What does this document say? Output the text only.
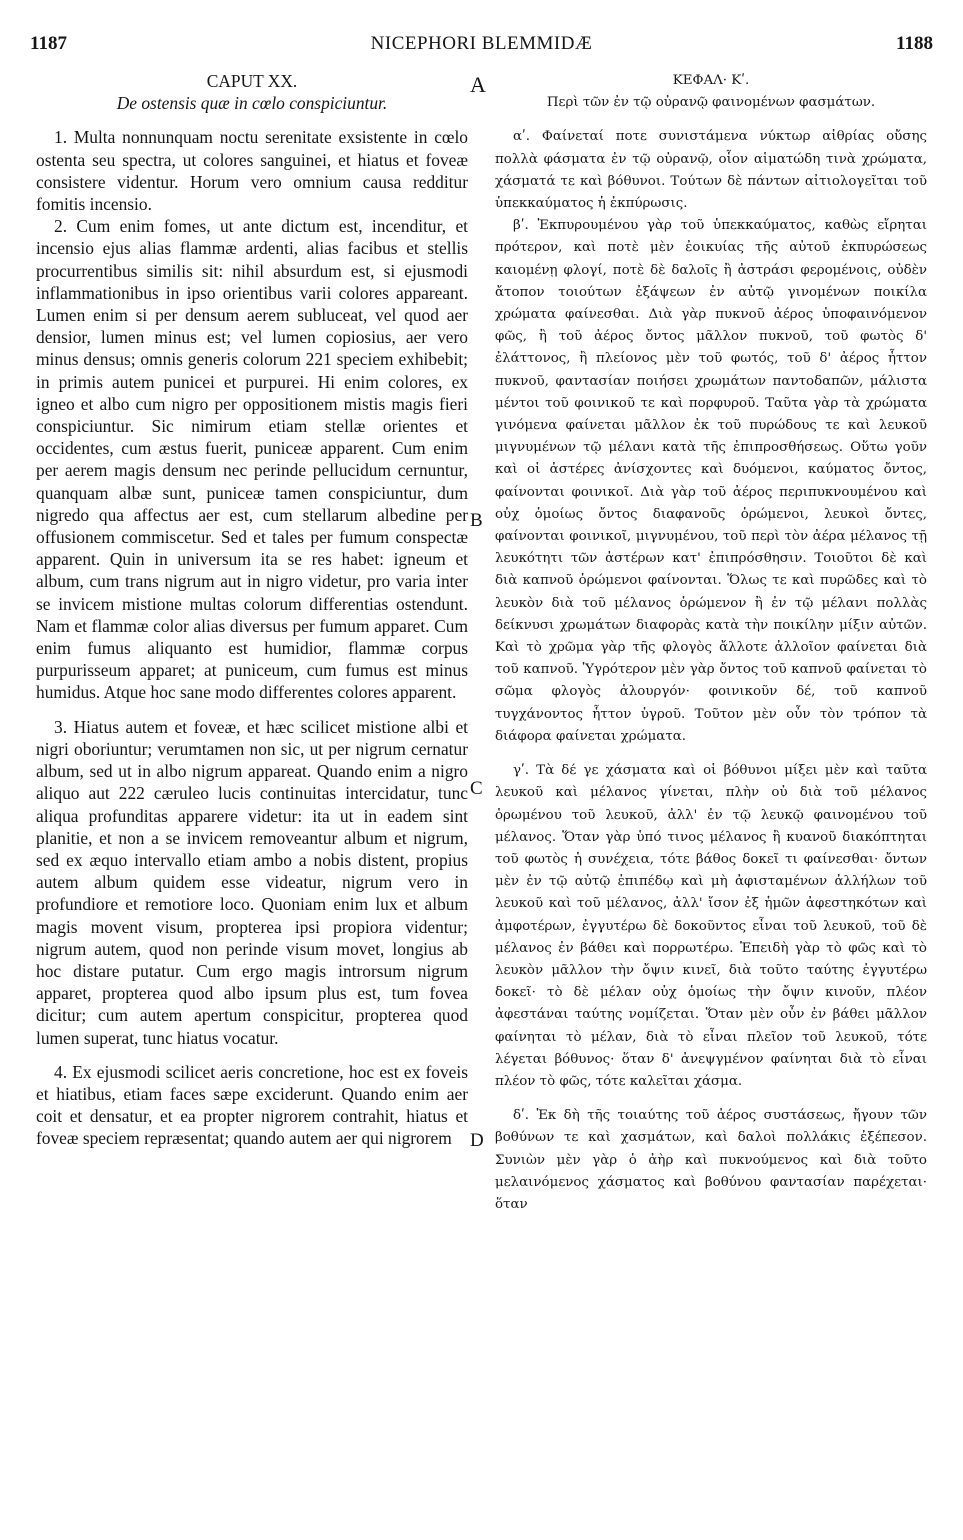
1187	NICEPHORI BLEMMIDÆ	1188
A
B
C
D

CAPUT XX.

De ostensis quæ in cœlo conspiciuntur.

1. Multa nonnunquam noctu serenitate exsistente in cœlo ostenta seu spectra, ut colores sanguinei, et hiatus et foveæ consistere videntur. Horum vero omnium causa redditur fomitis incensio.

2. Cum enim fomes, ut ante dictum est, incenditur, et incensio ejus alias flammæ ardenti, alias facibus et stellis procurrentibus similis sit: nihil absurdum est, si ejusmodi inflammationibus in ipso orientibus varii colores appareant. Lumen enim si per densum aerem subluceat, vel quod aer densior, lumen minus est; vel lumen copiosius, aer vero minus densus; omnis generis colorum 221 speciem exhibebit; in primis autem punicei et purpurei. Hi enim colores, ex igneo et albo cum nigro per oppositionem mistis magis fieri conspiciuntur. Sic nimirum etiam stellæ orientes et occidentes, cum æstus fuerit, puniceæ apparent. Cum enim per aerem magis densum nec perinde pellucidum cernuntur, quanquam albæ sunt, puniceæ tamen conspiciuntur, dum nigredo qua affectus aer est, cum stellarum albedine per offusionem commiscetur. Sed et tales per fumum conspectæ apparent. Quin in universum ita se res habet: igneum et album, cum trans nigrum aut in nigro videtur, pro varia inter se invicem mistione multas colorum differentias ostendunt. Nam et flammæ color alias diversus per fumum apparet. Cum enim fumus aliquanto est humidior, flammæ corpus purpurisseum apparet; at puniceum, cum fumus est minus humidus. Atque hoc sane modo differentes colores apparent.

3. Hiatus autem et foveæ, et hæc scilicet mistione albi et nigri oboriuntur; verumtamen non sic, ut per nigrum cernatur album, sed ut in albo nigrum appareat. Quando enim a nigro aliquo aut 222 cæruleo lucis continuitas intercidatur, tunc aliqua profunditas apparere videtur: ita ut in eadem sint planitie, et non a se invicem removeantur album et nigrum, sed ex æquo intervallo etiam ambo a nobis distent, propius autem album quidem esse videatur, nigrum vero in profundiore et remotiore loco. Quoniam enim lux et album magis movent visum, propterea ipsi propiora videntur; nigrum autem, quod non perinde visum movet, longius ab hoc distare putatur. Cum ergo magis introrsum nigrum apparet, propterea quod albo ipsum plus est, tum fovea dicitur; cum autem apertum conspicitur, propterea quod lumen superat, tunc hiatus vocatur.

4. Ex ejusmodi scilicet aeris concretione, hoc est ex foveis et hiatibus, etiam faces sæpe exciderunt. Quando enim aer coit et densatur, et ea propter nigrorem contrahit, hiatus et foveæ speciem repræsentat; quando autem aer qui nigrorem

ΚΕΦΑΛ· Κʹ.

Περὶ τῶν ἐν τῷ οὐρανῷ φαινομένων φασμάτων.

αʹ. Φαίνεταί ποτε συνιστάμενα νύκτωρ αἰθρίας οὔσης πολλὰ φάσματα ἐν τῷ οὐρανῷ, οἷον αἱματώδη τινὰ χρώματα, χάσματά τε καὶ βόθυνοι. Τούτων δὲ πάντων αἰτιολογεῖται τοῦ ὑπεκκαύματος ἡ ἐκπύρωσις.

βʹ. Ἐκπυρουμένου γὰρ τοῦ ὑπεκκαύματος, καθὼς εἴρηται πρότερον, καὶ ποτὲ μὲν ἐοικυίας τῆς αὐτοῦ ἐκπυρώσεως καιομένῃ φλογί, ποτὲ δὲ δαλοῖς ἢ ἀστράσι φερομένοις, οὐδὲν ἄτοπον τοιούτων ἐξάψεων ἐν αὐτῷ γινομένων ποικίλα χρώματα φαίνεσθαι. Διὰ γὰρ πυκνοῦ ἀέρος ὑποφαινόμενον φῶς, ἢ τοῦ ἀέρος ὄντος μᾶλλον πυκνοῦ, τοῦ φωτὸς δ' ἐλάττονος, ἢ πλείονος μὲν τοῦ φωτός, τοῦ δ' ἀέρος ἧττον πυκνοῦ, φαντασίαν ποιήσει χρωμάτων παντοδαπῶν, μάλιστα μέντοι τοῦ φοινικοῦ τε καὶ πορφυροῦ. Ταῦτα γὰρ τὰ χρώματα γινόμενα φαίνεται μᾶλλον ἐκ τοῦ πυρώδους τε καὶ λευκοῦ μιγνυμένων τῷ μέλανι κατὰ τῆς ἐπιπροσθήσεως. Οὕτω γοῦν καὶ οἱ ἀστέρες ἀνίσχοντες καὶ δυόμενοι, καύματος ὄντος, φαίνονται φοινικοῖ. Διὰ γὰρ τοῦ ἀέρος περιπυκνουμένου καὶ οὐχ ὁμοίως ὄντος διαφανοῦς ὁρώμενοι, λευκοὶ ὄντες, φαίνονται φοινικοῖ, μιγνυμένου, τοῦ περὶ τὸν ἀέρα μέλανος τῇ λευκότητι τῶν ἀστέρων κατ' ἐπιπρόσθησιν. Τοιοῦτοι δὲ καὶ διὰ καπνοῦ ὁρώμενοι φαίνονται. Ὅλως τε καὶ πυρῶδες καὶ τὸ λευκὸν διὰ τοῦ μέλανος ὁρώμενον ἢ ἐν τῷ μέλανι πολλὰς δείκνυσι χρωμάτων διαφορὰς κατὰ τὴν ποικίλην μίξιν αὐτῶν. Καὶ τὸ χρῶμα γὰρ τῆς φλογὸς ἄλλοτε ἀλλοῖον φαίνεται διὰ τοῦ καπνοῦ. Ὑγρότερον μὲν γὰρ ὄντος τοῦ καπνοῦ φαίνεται τὸ σῶμα φλογὸς ἁλουργόν· φοινικοῦν δέ, τοῦ καπνοῦ τυγχάνοντος ἧττον ὑγροῦ. Τοῦτον μὲν οὖν τὸν τρόπον τὰ διάφορα φαίνεται χρώματα.

γʹ. Τὰ δέ γε χάσματα καὶ οἱ βόθυνοι μίξει μὲν καὶ ταῦτα λευκοῦ καὶ μέλανος γίνεται, πλὴν οὐ διὰ τοῦ μέλανος ὁρωμένου τοῦ λευκοῦ, ἀλλ' ἐν τῷ λευκῷ φαινομένου τοῦ μέλανος. Ὅταν γὰρ ὑπό τινος μέλανος ἢ κυανοῦ διακόπτηται τοῦ φωτὸς ἡ συνέχεια, τότε βάθος δοκεῖ τι φαίνεσθαι· ὄντων μὲν ἐν τῷ αὐτῷ ἐπιπέδῳ καὶ μὴ ἀφισταμένων ἀλλήλων τοῦ λευκοῦ καὶ τοῦ μέλανος, ἀλλ' ἴσον ἐξ ἡμῶν ἀφεστηκότων καὶ ἀμφοτέρων, ἐγγυτέρω δὲ δοκοῦντος εἶναι τοῦ λευκοῦ, τοῦ δὲ μέλανος ἐν βάθει καὶ πορρωτέρω. Ἐπειδὴ γὰρ τὸ φῶς καὶ τὸ λευκὸν μᾶλλον τὴν ὄψιν κινεῖ, διὰ τοῦτο ταύτης ἐγγυτέρω δοκεῖ· τὸ δὲ μέλαν οὐχ ὁμοίως τὴν ὄψιν κινοῦν, πλέον ἀφεστάναι ταύτης νομίζεται. Ὅταν μὲν οὖν ἐν βάθει μᾶλλον φαίνηται τὸ μέλαν, διὰ τὸ εἶναι πλεῖον τοῦ λευκοῦ, τότε λέγεται βόθυνος· ὅταν δ' ἀνεψγμένον φαίνηται διὰ τὸ εἶναι πλέον τὸ φῶς, τότε καλεῖται χάσμα.

δʹ. Ἐκ δὴ τῆς τοιαύτης τοῦ ἀέρος συστάσεως, ἤγουν τῶν βοθύνων τε καὶ χασμάτων, καὶ δαλοὶ πολλάκις ἐξέπεσον. Συνιὼν μὲν γὰρ ὁ ἀὴρ καὶ πυκνούμενος καὶ διὰ τοῦτο μελαινόμενος χάσματος καὶ βοθύνου φαντασίαν παρέχεται· ὅταν
